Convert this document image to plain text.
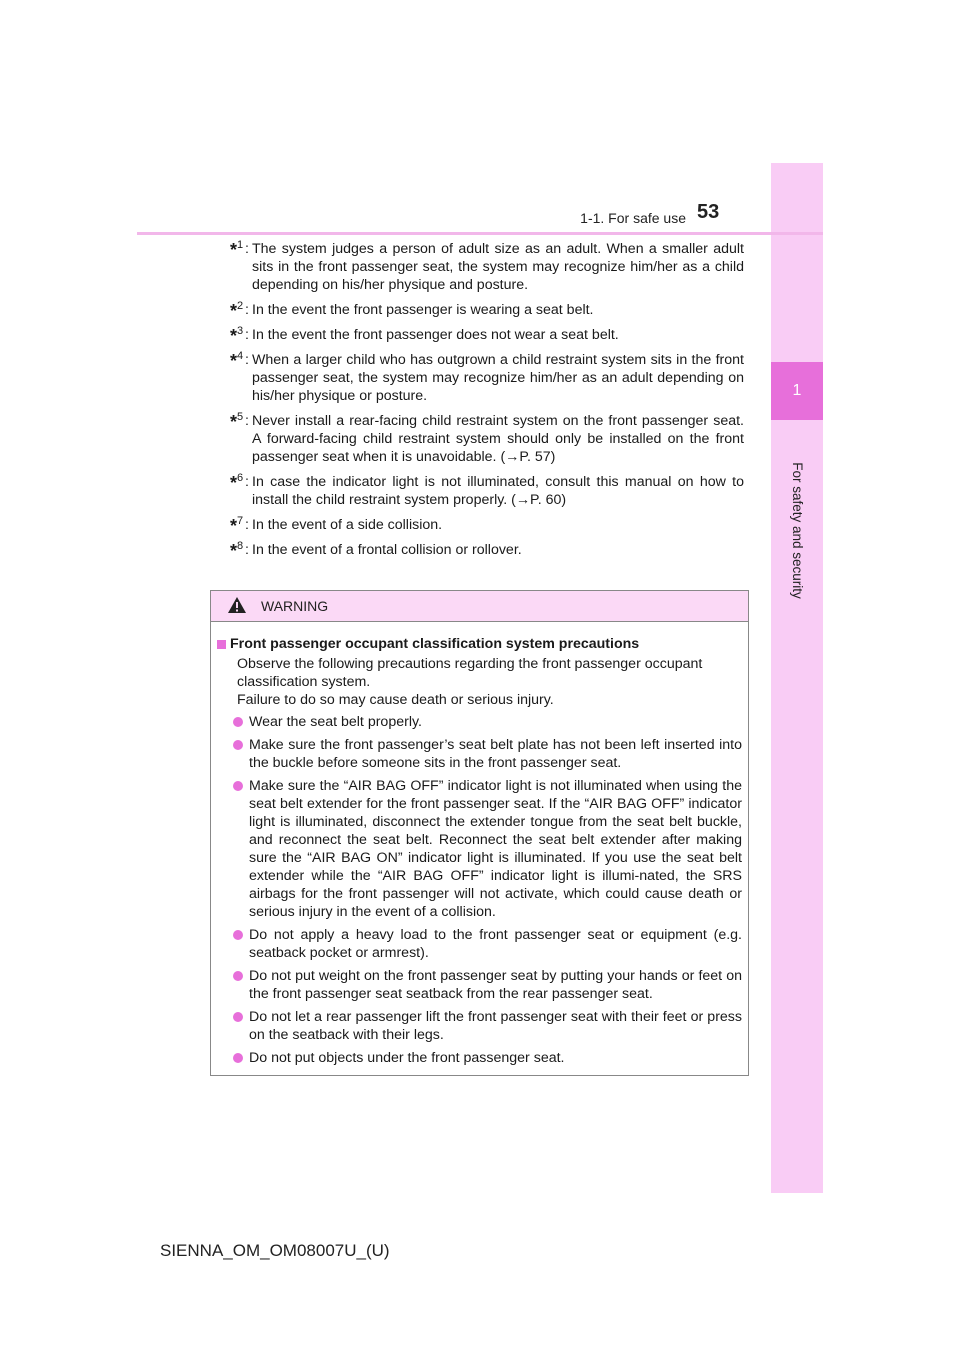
1
For safety and security
1-1. For safe use 53
*$^1$ : The system judges a person of adult size as an adult. When a smaller adult sits in the front passenger seat, the system may recognize him/her as a child depending on his/her physique and posture.
*$^2$ : In the event the front passenger is wearing a seat belt.
*$^3$ : In the event the front passenger does not wear a seat belt.
*$^4$ : When a larger child who has outgrown a child restraint system sits in the front passenger seat, the system may recognize him/her as an adult depending on his/her physique or posture.
*$^5$ : Never install a rear-facing child restraint system on the front passenger seat. A forward-facing child restraint system should only be installed on the front passenger seat when it is unavoidable. (→P. 57)
*$^6$ : In case the indicator light is not illuminated, consult this manual on how to install the child restraint system properly. (→P. 60)
*$^7$ : In the event of a side collision.
*$^8$ : In the event of a frontal collision or rollover.
WARNING
Front passenger occupant classification system precautions
Observe the following precautions regarding the front passenger occupant classification system.
Failure to do so may cause death or serious injury.
Wear the seat belt properly.
Make sure the front passenger’s seat belt plate has not been left inserted into the buckle before someone sits in the front passenger seat.
Make sure the “AIR BAG OFF” indicator light is not illuminated when using the seat belt extender for the front passenger seat. If the “AIR BAG OFF” indicator light is illuminated, disconnect the extender tongue from the seat belt buckle, and reconnect the seat belt. Reconnect the seat belt extender after making sure the “AIR BAG ON” indicator light is illuminated. If you use the seat belt extender while the “AIR BAG OFF” indicator light is illumi-nated, the SRS airbags for the front passenger will not activate, which could cause death or serious injury in the event of a collision.
Do not apply a heavy load to the front passenger seat or equipment (e.g. seatback pocket or armrest).
Do not put weight on the front passenger seat by putting your hands or feet on the front passenger seat seatback from the rear passenger seat.
Do not let a rear passenger lift the front passenger seat with their feet or press on the seatback with their legs.
Do not put objects under the front passenger seat.
SIENNA_OM_OM08007U_(U)
